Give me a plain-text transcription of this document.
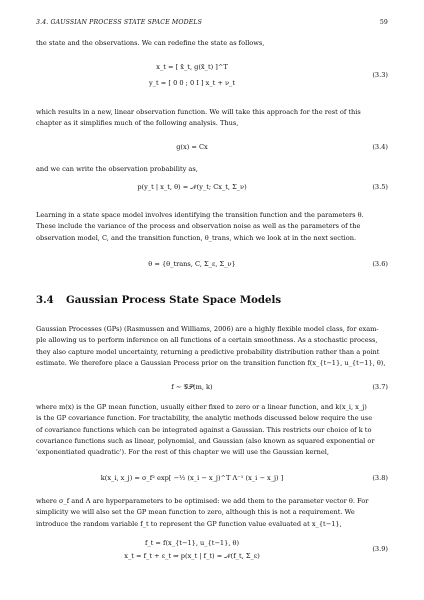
3.4. GAUSSIAN PROCESS STATE SPACE MODELS	59
the state and the observations. We can redefine the state as follows,
x_t = [ x̃_t, g(x̃_t) ]^T
y_t = [ 0 0 ; 0 I ] x_t + ν_t
(3.3)
which results in a new, linear observation function. We will take this approach for the rest of this
chapter as it simplifies much of the following analysis. Thus,
g(x) = Cx	(3.4)
and we can write the observation probability as,
p(y_t | x_t, θ) = 𝒩(y_t; Cx_t, Σ_ν)	(3.5)
Learning in a state space model involves identifying the transition function and the parameters θ.
These include the variance of the process and observation noise as well as the parameters of the
observation model, C, and the transition function, θ_trans, which we look at in the next section.
θ = {θ_trans, C, Σ_ε, Σ_ν}	(3.6)
3.4 Gaussian Process State Space Models
Gaussian Processes (GPs) (Rasmussen and Williams, 2006) are a highly flexible model class, for exam-
ple allowing us to perform inference on all functions of a certain smoothness. As a stochastic process,
they also capture model uncertainty, returning a predictive probability distribution rather than a point
estimate. We therefore place a Gaussian Process prior on the transition function f(x_{t−1}, u_{t−1}, θ),
f ∼ 𝒢𝒫(m, k)	(3.7)
where m(x) is the GP mean function, usually either fixed to zero or a linear function, and k(x_i, x_j)
is the GP covariance function. For tractability, the analytic methods discussed below require the use
of covariance functions which can be integrated against a Gaussian. This restricts our choice of k to
covariance functions such as linear, polynomial, and Gaussian (also known as squared exponential or
'exponentiated quadratic'). For the rest of this chapter we will use the Gaussian kernel,
k(x_i, x_j) = σ_f² exp[ −½ (x_i − x_j)^T Λ⁻¹ (x_i − x_j) ]	(3.8)
where σ_f and Λ are hyperparameters to be optimised: we add them to the parameter vector θ. For
simplicity we will also set the GP mean function to zero, although this is not a requirement. We
introduce the random variable f_t to represent the GP function value evaluated at x_{t−1},
f_t = f(x_{t−1}, u_{t−1}, θ)
x_t = f_t + ε_t ⇒ p(x_t | f_t) = 𝒩(f_t, Σ_ε)
(3.9)
